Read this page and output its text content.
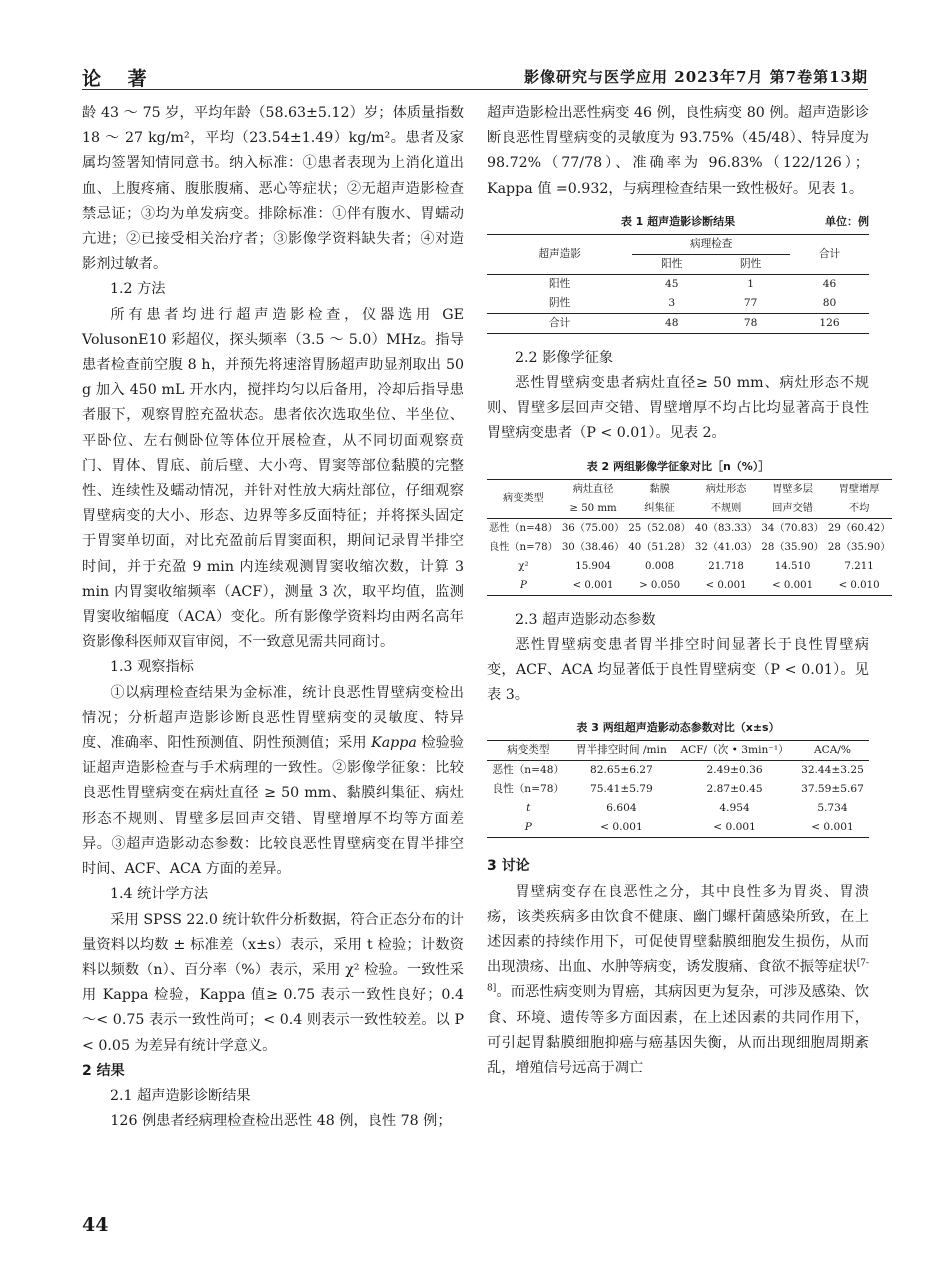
论 著	影像研究与医学应用 2023年7月 第7卷第13期

龄 43 ～ 75 岁，平均年龄（58.63±5.12）岁；体质量指数 18 ～ 27 kg/m²，平均（23.54±1.49）kg/m²。患者及家属均签署知情同意书。纳入标准：①患者表现为上消化道出血、上腹疼痛、腹胀腹痛、恶心等症状；②无超声造影检查禁忌证；③均为单发病变。排除标准：①伴有腹水、胃蠕动亢进；②已接受相关治疗者；③影像学资料缺失者；④对造影剂过敏者。

1.2 方法

所有患者均进行超声造影检查，仪器选用 GE VolusonE10 彩超仪，探头频率（3.5 ～ 5.0）MHz。指导患者检查前空腹 8 h，并预先将速溶胃肠超声助显剂取出 50 g 加入 450 mL 开水内，搅拌均匀以后备用，冷却后指导患者服下，观察胃腔充盈状态。患者依次选取坐位、半坐位、平卧位、左右侧卧位等体位开展检查，从不同切面观察贲门、胃体、胃底、前后壁、大小弯、胃窦等部位黏膜的完整性、连续性及蠕动情况，并针对性放大病灶部位，仔细观察胃壁病变的大小、形态、边界等多反面特征；并将探头固定于胃窦单切面，对比充盈前后胃窦面积，期间记录胃半排空时间，并于充盈 9 min 内连续观测胃窦收缩次数，计算 3 min 内胃窦收缩频率（ACF），测量 3 次，取平均值，监测胃窦收缩幅度（ACA）变化。所有影像学资料均由两名高年资影像科医师双盲审阅，不一致意见需共同商讨。

1.3 观察指标

①以病理检查结果为金标准，统计良恶性胃壁病变检出情况；分析超声造影诊断良恶性胃壁病变的灵敏度、特异度、准确率、阳性预测值、阴性预测值；采用 Kappa 检验验证超声造影检查与手术病理的一致性。②影像学征象：比较良恶性胃壁病变在病灶直径 ≥ 50 mm、黏膜纠集征、病灶形态不规则、胃壁多层回声交错、胃壁增厚不均等方面差异。③超声造影动态参数：比较良恶性胃壁病变在胃半排空时间、ACF、ACA 方面的差异。

1.4 统计学方法

采用 SPSS 22.0 统计软件分析数据，符合正态分布的计量资料以均数 ± 标准差（x±s）表示，采用 t 检验；计数资料以频数（n）、百分率（%）表示，采用 χ² 检验。一致性采用 Kappa 检验，Kappa 值≥ 0.75 表示一致性良好；0.4 ～< 0.75 表示一致性尚可；< 0.4 则表示一致性较差。以 P < 0.05 为差异有统计学意义。

2 结果

2.1 超声造影诊断结果

126 例患者经病理检查检出恶性 48 例，良性 78 例；

超声造影检出恶性病变 46 例，良性病变 80 例。超声造影诊断良恶性胃壁病变的灵敏度为 93.75%（45/48）、特异度为 98.72%（77/78）、准确率为 96.83%（122/126）；Kappa 值 =0.932，与病理检查结果一致性极好。见表 1。

表 1 超声造影诊断结果	单位：例
超声造影	病理检查		合计
	阳性	阴性	
阳性	45	1	46
阴性	3	77	80
合计	48	78	126

2.2 影像学征象

恶性胃壁病变患者病灶直径≥ 50 mm、病灶形态不规则、胃壁多层回声交错、胃壁增厚不均占比均显著高于良性胃壁病变患者（P < 0.01）。见表 2。

表 2 两组影像学征象对比［n（%）］
病变类型	病灶直径	黏膜	病灶形态	胃壁多层	胃壁增厚
	≥ 50 mm	纠集征	不规则	回声交错	不均
恶性（n=48）	36（75.00）	25（52.08）	40（83.33）	34（70.83）	29（60.42）
良性（n=78）	30（38.46）	40（51.28）	32（41.03）	28（35.90）	28（35.90）
χ²	15.904	0.008	21.718	14.510	7.211
P	< 0.001	> 0.050	< 0.001	< 0.001	< 0.010

2.3 超声造影动态参数

恶性胃壁病变患者胃半排空时间显著长于良性胃壁病变，ACF、ACA 均显著低于良性胃壁病变（P < 0.01）。见表 3。

表 3 两组超声造影动态参数对比（x±s）
病变类型	胃半排空时间 /min	ACF/（次 • 3min⁻¹）	ACA/%
恶性（n=48）	82.65±6.27	2.49±0.36	32.44±3.25
良性（n=78）	75.41±5.79	2.87±0.45	37.59±5.67
t	6.604	4.954	5.734
P	< 0.001	< 0.001	< 0.001

3 讨论

胃壁病变存在良恶性之分，其中良性多为胃炎、胃溃疡，该类疾病多由饮食不健康、幽门螺杆菌感染所致，在上述因素的持续作用下，可促使胃壁黏膜细胞发生损伤，从而出现溃疡、出血、水肿等病变，诱发腹痛、食欲不振等症状[7-8]。而恶性病变则为胃癌，其病因更为复杂，可涉及感染、饮食、环境、遗传等多方面因素，在上述因素的共同作用下，可引起胃黏膜细胞抑癌与癌基因失衡，从而出现细胞周期紊乱，增殖信号远高于凋亡

44
